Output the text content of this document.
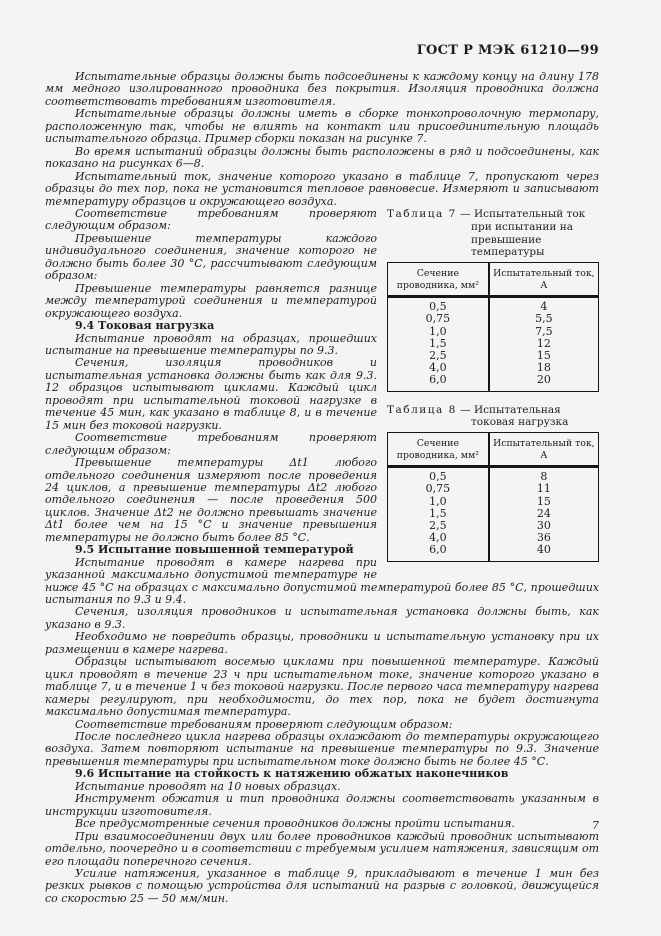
ГОСТ Р МЭК 61210—99

Испытательные образцы должны быть подсоединены к каждому концу на длину 178 мм медного изолированного проводника без покрытия. Изоляция проводника должна соответствовать требованиям изготовителя.

Испытательные образцы должны иметь в сборке тонкопроволочную термопару, расположенную так, чтобы не влиять на контакт или присоединительную площадь испытательного образца. Пример сборки показан на рисунке 7.

Во время испытаний образцы должны быть расположены в ряд и подсоединены, как показано на рисунках 6—8.

Испытательный ток, значение которого указано в таблице 7, пропускают через образцы до тех пор, пока не установится тепловое равновесие. Измеряют и записывают температуру образцов и окружающего воздуха.

Таблица 7 — Испытательный ток при испытании на превышение температуры
Сечение проводника, мм²	Испытательный ток, А
0,5	4
0,75	5,5
1,0	7,5
1,5	12
2,5	15
4,0	18
6,0	20
Таблица 8 — Испытательная токовая нагрузка
Сечение проводника, мм²	Испытательный ток, А
0,5	8
0,75	11
1,0	15
1,5	24
2,5	30
4,0	36
6,0	40

Соответствие требованиям проверяют следующим образом:

Превышение температуры каждого индивидуального соединения, значение которого не должно быть более 30 °С, рассчитывают следующим образом:

Превышение температуры равняется разнице между температурой соединения и температурой окружающего воздуха.

9.4 Токовая нагрузка

Испытание проводят на образцах, прошедших испытание на превышение температуры по 9.3.

Сечения, изоляция проводников и испытательная установка должны быть как для 9.3. 12 образцов испытывают циклами. Каждый цикл проводят при испытательной токовой нагрузке в течение 45 мин, как указано в таблице 8, и в течение 15 мин без токовой нагрузки.

Соответствие требованиям проверяют следующим образом:

Превышение температуры Δt1 любого отдельного соединения измеряют после проведения 24 циклов, а превышение температуры Δt2 любого отдельного соединения — после проведения 500 циклов. Значение Δt2 не должно превышать значение Δt1 более чем на 15 °С и значение превышения температуры не должно быть более 85 °С.

9.5 Испытание повышенной температурой

Испытание проводят в камере нагрева при указанной максимально допустимой температуре не ниже 45 °С на образцах с максимально допустимой температурой более 85 °С, прошедших испытания по 9.3 и 9.4.

Сечения, изоляция проводников и испытательная установка должны быть, как указано в 9.3.

Необходимо не повредить образцы, проводники и испытательную установку при их размещении в камере нагрева.

Образцы испытывают восемью циклами при повышенной температуре. Каждый цикл проводят в течение 23 ч при испытательном токе, значение которого указано в таблице 7, и в течение 1 ч без токовой нагрузки. После первого часа температуру нагрева камеры регулируют, при необходимости, до тех пор, пока не будет достигнута максимально допустимая температура.

Соответствие требованиям проверяют следующим образом:

После последнего цикла нагрева образцы охлаждают до температуры окружающего воздуха. Затем повторяют испытание на превышение температуры по 9.3. Значение превышения температуры при испытательном токе должно быть не более 45 °С.

9.6 Испытание на стойкость к натяжению обжатых наконечников

Испытание проводят на 10 новых образцах.

Инструмент обжатия и тип проводника должны соответствовать указанным в инструкции изготовителя.

Все предусмотренные сечения проводников должны пройти испытания.

При взаимосоединении двух или более проводников каждый проводник испытывают отдельно, поочередно и в соответствии с требуемым усилием натяжения, зависящим от его площади поперечного сечения.

Усилие натяжения, указанное в таблице 9, прикладывают в течение 1 мин без резких рывков с помощью устройства для испытаний на разрыв с головкой, движущейся со скоростью 25 — 50 мм/мин.

7
